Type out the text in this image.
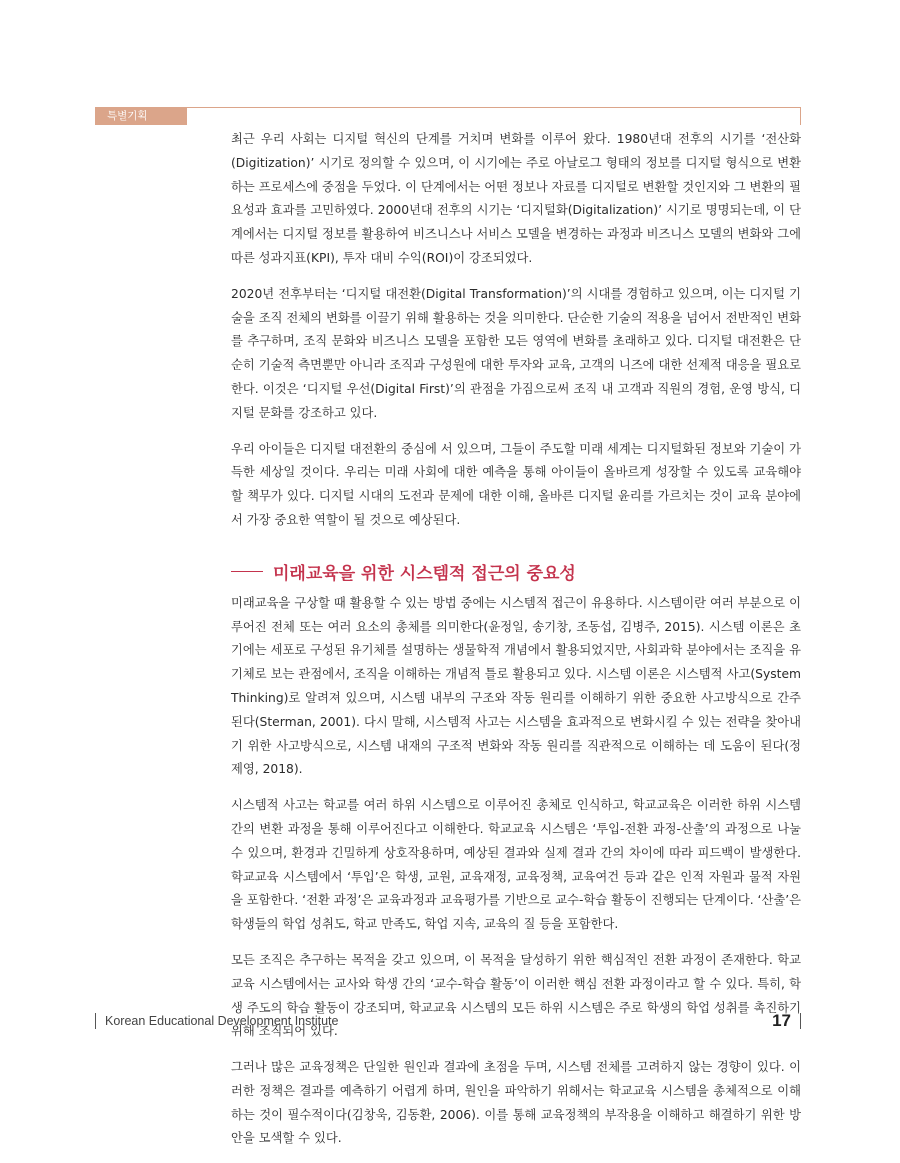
특별기획

최근 우리 사회는 디지털 혁신의 단계를 거치며 변화를 이루어 왔다. 1980년대 전후의 시기를 ‘전산화(Digitization)’ 시기로 정의할 수 있으며, 이 시기에는 주로 아날로그 형태의 정보를 디지털 형식으로 변환하는 프로세스에 중점을 두었다. 이 단계에서는 어떤 정보나 자료를 디지털로 변환할 것인지와 그 변환의 필요성과 효과를 고민하였다. 2000년대 전후의 시기는 ‘디지털화(Digitalization)’ 시기로 명명되는데, 이 단계에서는 디지털 정보를 활용하여 비즈니스나 서비스 모델을 변경하는 과정과 비즈니스 모델의 변화와 그에 따른 성과지표(KPI), 투자 대비 수익(ROI)이 강조되었다.

2020년 전후부터는 ‘디지털 대전환(Digital Transformation)’의 시대를 경험하고 있으며, 이는 디지털 기술을 조직 전체의 변화를 이끌기 위해 활용하는 것을 의미한다. 단순한 기술의 적용을 넘어서 전반적인 변화를 추구하며, 조직 문화와 비즈니스 모델을 포함한 모든 영역에 변화를 초래하고 있다. 디지털 대전환은 단순히 기술적 측면뿐만 아니라 조직과 구성원에 대한 투자와 교육, 고객의 니즈에 대한 선제적 대응을 필요로 한다. 이것은 ‘디지털 우선(Digital First)’의 관점을 가짐으로써 조직 내 고객과 직원의 경험, 운영 방식, 디지털 문화를 강조하고 있다.

우리 아이들은 디지털 대전환의 중심에 서 있으며, 그들이 주도할 미래 세계는 디지털화된 정보와 기술이 가득한 세상일 것이다. 우리는 미래 사회에 대한 예측을 통해 아이들이 올바르게 성장할 수 있도록 교육해야 할 책무가 있다. 디지털 시대의 도전과 문제에 대한 이해, 올바른 디지털 윤리를 가르치는 것이 교육 분야에서 가장 중요한 역할이 될 것으로 예상된다.

미래교육을 위한 시스템적 접근의 중요성

미래교육을 구상할 때 활용할 수 있는 방법 중에는 시스템적 접근이 유용하다. 시스템이란 여러 부분으로 이루어진 전체 또는 여러 요소의 총체를 의미한다(윤정일, 송기창, 조동섭, 김병주, 2015). 시스템 이론은 초기에는 세포로 구성된 유기체를 설명하는 생물학적 개념에서 활용되었지만, 사회과학 분야에서는 조직을 유기체로 보는 관점에서, 조직을 이해하는 개념적 틀로 활용되고 있다. 시스템 이론은 시스템적 사고(System Thinking)로 알려져 있으며, 시스템 내부의 구조와 작동 원리를 이해하기 위한 중요한 사고방식으로 간주된다(Sterman, 2001). 다시 말해, 시스템적 사고는 시스템을 효과적으로 변화시킬 수 있는 전략을 찾아내기 위한 사고방식으로, 시스템 내재의 구조적 변화와 작동 원리를 직관적으로 이해하는 데 도움이 된다(정제영, 2018).

시스템적 사고는 학교를 여러 하위 시스템으로 이루어진 총체로 인식하고, 학교교육은 이러한 하위 시스템 간의 변환 과정을 통해 이루어진다고 이해한다. 학교교육 시스템은 ‘투입-전환 과정-산출’의 과정으로 나눌 수 있으며, 환경과 긴밀하게 상호작용하며, 예상된 결과와 실제 결과 간의 차이에 따라 피드백이 발생한다. 학교교육 시스템에서 ‘투입’은 학생, 교원, 교육재정, 교육정책, 교육여건 등과 같은 인적 자원과 물적 자원을 포함한다. ‘전환 과정’은 교육과정과 교육평가를 기반으로 교수-학습 활동이 진행되는 단계이다. ‘산출’은 학생들의 학업 성취도, 학교 만족도, 학업 지속, 교육의 질 등을 포함한다.

모든 조직은 추구하는 목적을 갖고 있으며, 이 목적을 달성하기 위한 핵심적인 전환 과정이 존재한다. 학교교육 시스템에서는 교사와 학생 간의 ‘교수-학습 활동’이 이러한 핵심 전환 과정이라고 할 수 있다. 특히, 학생 주도의 학습 활동이 강조되며, 학교교육 시스템의 모든 하위 시스템은 주로 학생의 학업 성취를 촉진하기 위해 조직되어 있다.

그러나 많은 교육정책은 단일한 원인과 결과에 초점을 두며, 시스템 전체를 고려하지 않는 경향이 있다. 이러한 정책은 결과를 예측하기 어렵게 하며, 원인을 파악하기 위해서는 학교교육 시스템을 총체적으로 이해하는 것이 필수적이다(김창욱, 김동환, 2006). 이를 통해 교육정책의 부작용을 이해하고 해결하기 위한 방안을 모색할 수 있다.

Korean Educational Development Institute	17
